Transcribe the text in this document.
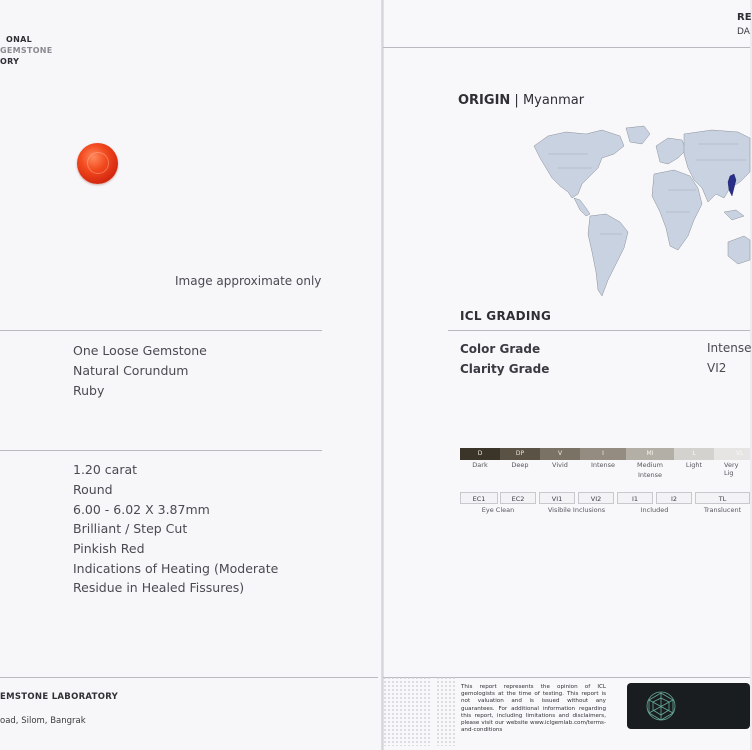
ONAL
GEMSTONE
ORY
Image approximate only
One Loose Gemstone
Natural Corundum
Ruby
1.20 carat
Round
6.00 - 6.02 X 3.87mm
Brilliant / Step Cut
Pinkish Red
Indications of Heating (Moderate
Residue in Healed Fissures)
EMSTONE LABORATORY
oad, Silom, Bangrak
RE
DA
ORIGIN | Myanmar
ICL GRADING
Color Grade	Intense
Clarity Grade	VI2
D	DP	V	I	MI	L	VL
Dark	Deep	Vivid	Intense	Medium
Intense
Light	Very Lig
EC1	EC2	VI1	VI2	I1	I2	TL
Eye Clean	Visibile Inclusions	Included	Translucent
This report represents the opinion of ICL gemologists at the time of testing. This report is not valuation and is issued without any guarantees. For additional information regarding this report, including limitations and disclaimers, please visit our website www.iclgemlab.com/terms-and-conditions
